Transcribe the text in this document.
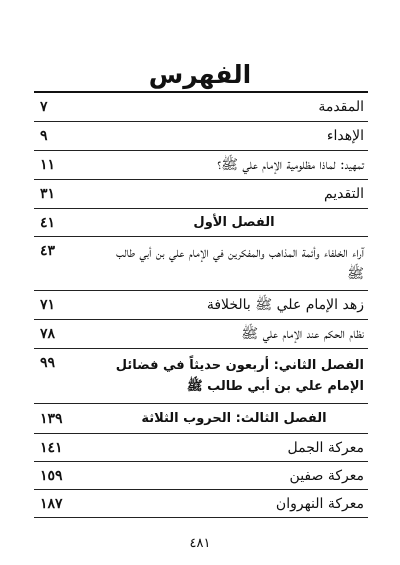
الفهرس
المقدمة
٧
الإهداء
٩
تمهيد: لماذا مظلومية الإمام علي ﷺ؟
١١
التقديم
٣١
الفصل الأول
٤١
آراء الخلفاء وأئمة المذاهب والمفكرين في الإمام علي بن أبي طالب ﷺ
٤٣
زهد الإمام علي ﷺ بالخلافة
٧١
نظام الحكم عند الإمام علي ﷺ
٧٨
الفصل الثاني: أربعون حديثاً في فضائل الإمام علي بن أبي طالب ﷺ
٩٩
الفصل الثالث: الحروب الثلاثة
١٣٩
معركة الجمل
١٤١
معركة صفين
١٥٩
معركة النهروان
١٨٧
٤٨١
